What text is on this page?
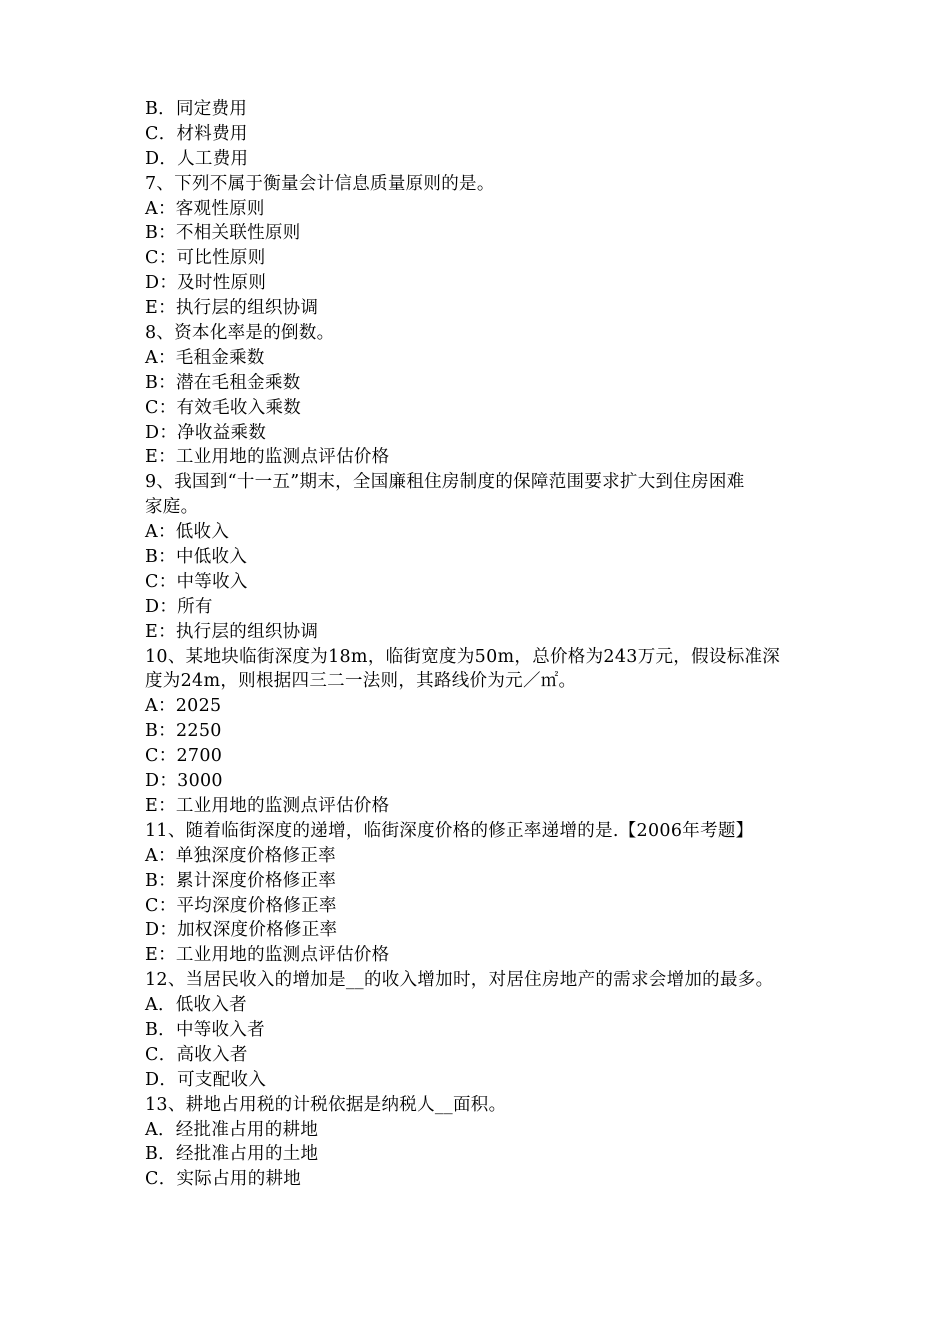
B．同定费用
C．材料费用
D．人工费用
7、下列不属于衡量会计信息质量原则的是。
A：客观性原则
B：不相关联性原则
C：可比性原则
D：及时性原则
E：执行层的组织协调
8、资本化率是的倒数。
A：毛租金乘数
B：潜在毛租金乘数
C：有效毛收入乘数
D：净收益乘数
E：工业用地的监测点评估价格
9、我国到“十一五”期末，全国廉租住房制度的保障范围要求扩大到住房困难
家庭。
A：低收入
B：中低收入
C：中等收入
D：所有
E：执行层的组织协调
10、某地块临街深度为18m，临街宽度为50m，总价格为243万元，假设标准深
度为24m，则根据四三二一法则，其路线价为元／㎡。
A：2025
B：2250
C：2700
D：3000
E：工业用地的监测点评估价格
11、随着临街深度的递增，临街深度价格的修正率递增的是.【2006年考题】
A：单独深度价格修正率
B：累计深度价格修正率
C：平均深度价格修正率
D：加权深度价格修正率
E：工业用地的监测点评估价格
12、当居民收入的增加是__的收入增加时，对居住房地产的需求会增加的最多。
A．低收入者
B．中等收入者
C．高收入者
D．可支配收入
13、耕地占用税的计税依据是纳税人__面积。
A．经批准占用的耕地
B．经批准占用的土地
C．实际占用的耕地
